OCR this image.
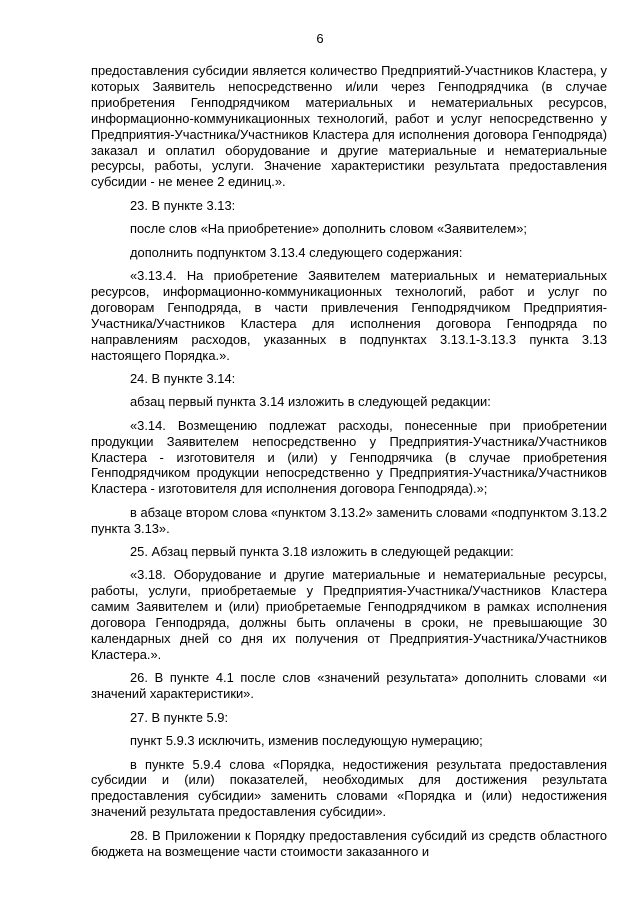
6

предоставления субсидии является количество Предприятий-Участников Кластера, у которых Заявитель непосредственно и/или через Генподрядчика (в случае приобретения Генподрядчиком материальных и нематериальных ресурсов, информационно-коммуникационных технологий, работ и услуг непосредственно у Предприятия-Участника/Участников Кластера для исполнения договора Генподряда) заказал и оплатил оборудование и другие материальные и нематериальные ресурсы, работы, услуги. Значение характеристики результата предоставления субсидии - не менее 2 единиц.».

23. В пункте 3.13:

после слов «На приобретение» дополнить словом «Заявителем»;

дополнить подпунктом 3.13.4 следующего содержания:

«3.13.4. На приобретение Заявителем материальных и нематериальных ресурсов, информационно-коммуникационных технологий, работ и услуг по договорам Генподряда, в части привлечения Генподрядчиком Предприятия-Участника/Участников Кластера для исполнения договора Генподряда по направлениям расходов, указанных в подпунктах 3.13.1-3.13.3 пункта 3.13 настоящего Порядка.».

24. В пункте 3.14:

абзац первый пункта 3.14 изложить в следующей редакции:

«3.14. Возмещению подлежат расходы, понесенные при приобретении продукции Заявителем непосредственно у Предприятия-Участника/Участников Кластера - изготовителя и (или) у Генподрячика (в случае приобретения Генподрядчиком продукции непосредственно у Предприятия-Участника/Участников Кластера - изготовителя для исполнения договора Генподряда).»;

в абзаце втором слова «пунктом 3.13.2» заменить словами «подпунктом 3.13.2 пункта 3.13».

25. Абзац первый пункта 3.18 изложить в следующей редакции:

«3.18. Оборудование и другие материальные и нематериальные ресурсы, работы, услуги, приобретаемые у Предприятия-Участника/Участников Кластера самим Заявителем и (или) приобретаемые Генподрядчиком в рамках исполнения договора Генподряда, должны быть оплачены в сроки, не превышающие 30 календарных дней со дня их получения от Предприятия-Участника/Участников Кластера.».

26. В пункте 4.1 после слов «значений результата» дополнить словами «и значений характеристики».

27. В пункте 5.9:

пункт 5.9.3 исключить, изменив последующую нумерацию;

в пункте 5.9.4 слова «Порядка, недостижения результата предоставления субсидии и (или) показателей, необходимых для достижения результата предоставления субсидии» заменить словами «Порядка и (или) недостижения значений результата предоставления субсидии».

28. В Приложении к Порядку предоставления субсидий из средств областного бюджета на возмещение части стоимости заказанного и
